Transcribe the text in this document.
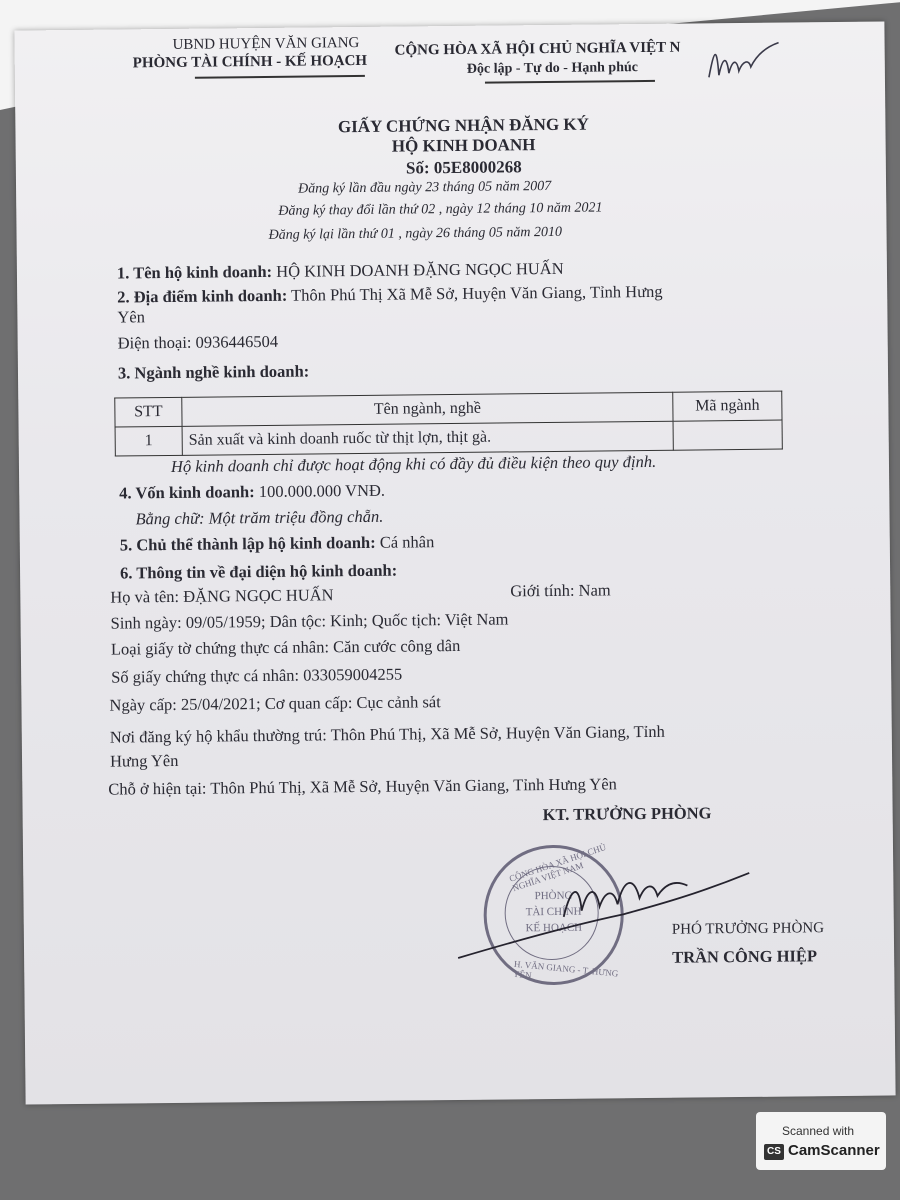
UBND HUYỆN VĂN GIANG
PHÒNG TÀI CHÍNH - KẾ HOẠCH
CỘNG HÒA XÃ HỘI CHỦ NGHĨA VIỆT N
Độc lập - Tự do - Hạnh phúc
GIẤY CHỨNG NHẬN ĐĂNG KÝ
HỘ KINH DOANH
Số: 05E8000268
Đăng ký lần đầu ngày 23 tháng 05 năm 2007
Đăng ký thay đổi lần thứ 02 , ngày 12 tháng 10 năm 2021
Đăng ký lại lần thứ 01 , ngày 26 tháng 05 năm 2010
1. Tên hộ kinh doanh: HỘ KINH DOANH ĐẶNG NGỌC HUẤN
2. Địa điểm kinh doanh: Thôn Phú Thị Xã Mễ Sở, Huyện Văn Giang, Tỉnh Hưng
Yên
Điện thoại: 0936446504
3. Ngành nghề kinh doanh:
STT	Tên ngành, nghề	Mã ngành
1	Sản xuất và kinh doanh ruốc từ thịt lợn, thịt gà.	
Hộ kinh doanh chỉ được hoạt động khi có đầy đủ điều kiện theo quy định.
4. Vốn kinh doanh: 100.000.000 VNĐ.
Bằng chữ: Một trăm triệu đồng chẵn.
5. Chủ thể thành lập hộ kinh doanh: Cá nhân
6. Thông tin về đại diện hộ kinh doanh:
Họ và tên: ĐẶNG NGỌC HUẤN	Giới tính: Nam
Sinh ngày: 09/05/1959; Dân tộc: Kinh; Quốc tịch: Việt Nam
Loại giấy tờ chứng thực cá nhân: Căn cước công dân
Số giấy chứng thực cá nhân: 033059004255
Ngày cấp: 25/04/2021; Cơ quan cấp: Cục cảnh sát
Nơi đăng ký hộ khẩu thường trú: Thôn Phú Thị, Xã Mễ Sở, Huyện Văn Giang, Tỉnh
Hưng Yên
Chỗ ở hiện tại: Thôn Phú Thị, Xã Mễ Sở, Huyện Văn Giang, Tỉnh Hưng Yên
KT. TRƯỞNG PHÒNG
CỘNG HÒA XÃ HỘI CHỦ NGHĨA VIỆT NAM
PHÒNG
TÀI CHÍNH
KẾ HOẠCH
H. VĂN GIANG - T. HƯNG YÊN
PHÓ TRƯỞNG PHÒNG
TRẦN CÔNG HIỆP
Scanned with
CS CamScanner
